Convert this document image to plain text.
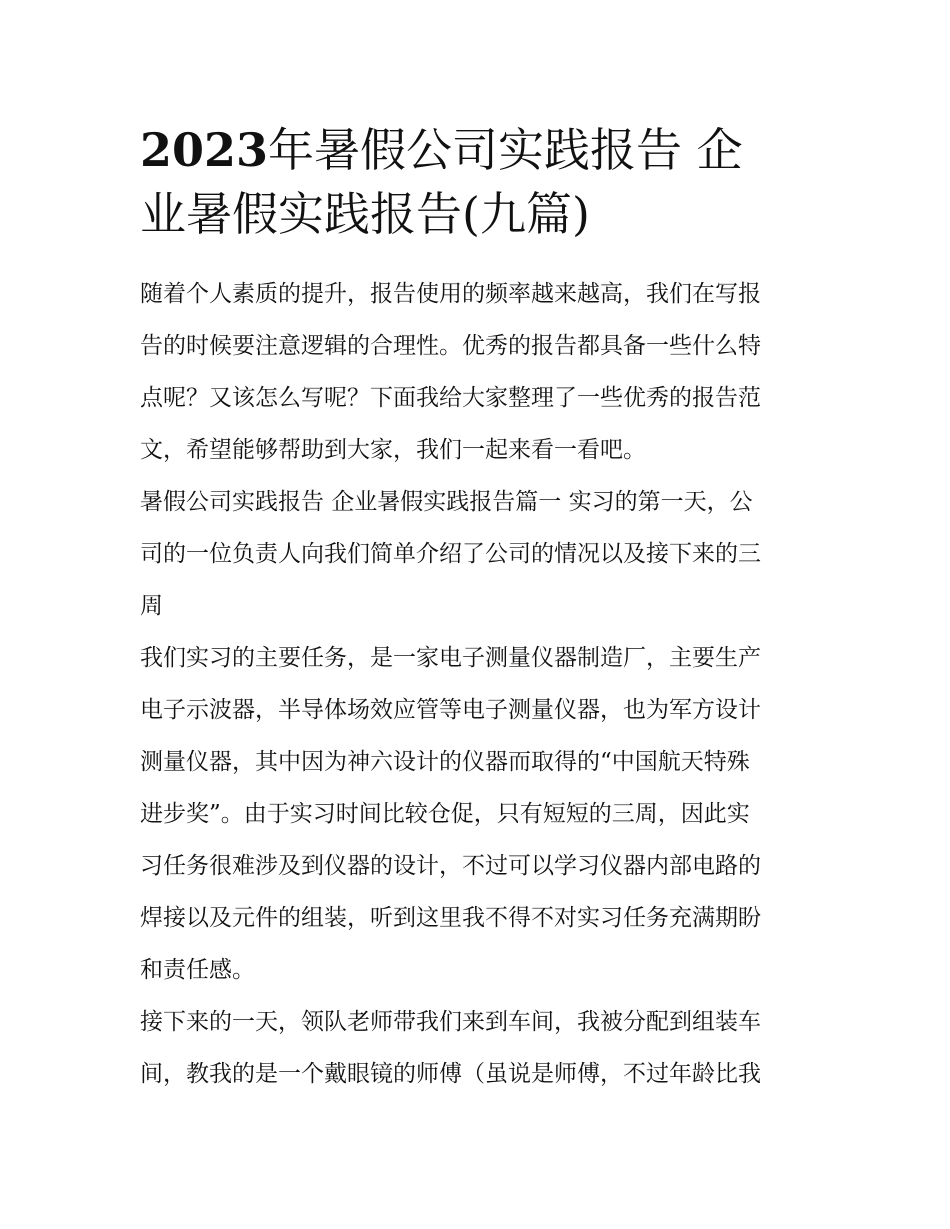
2023年暑假公司实践报告 企
业暑假实践报告(九篇)

随着个人素质的提升，报告使用的频率越来越高，我们在写报
告的时候要注意逻辑的合理性。优秀的报告都具备一些什么特
点呢？又该怎么写呢？下面我给大家整理了一些优秀的报告范
文，希望能够帮助到大家，我们一起来看一看吧。

暑假公司实践报告 企业暑假实践报告篇一 实习的第一天，公
司的一位负责人向我们简单介绍了公司的情况以及接下来的三
周

我们实习的主要任务，是一家电子测量仪器制造厂，主要生产
电子示波器，半导体场效应管等电子测量仪器，也为军方设计
测量仪器，其中因为神六设计的仪器而取得的“中国航天特殊
进步奖”。由于实习时间比较仓促，只有短短的三周，因此实
习任务很难涉及到仪器的设计，不过可以学习仪器内部电路的
焊接以及元件的组装，听到这里我不得不对实习任务充满期盼
和责任感。

接下来的一天，领队老师带我们来到车间，我被分配到组装车
间，教我的是一个戴眼镜的师傅（虽说是师傅，不过年龄比我
